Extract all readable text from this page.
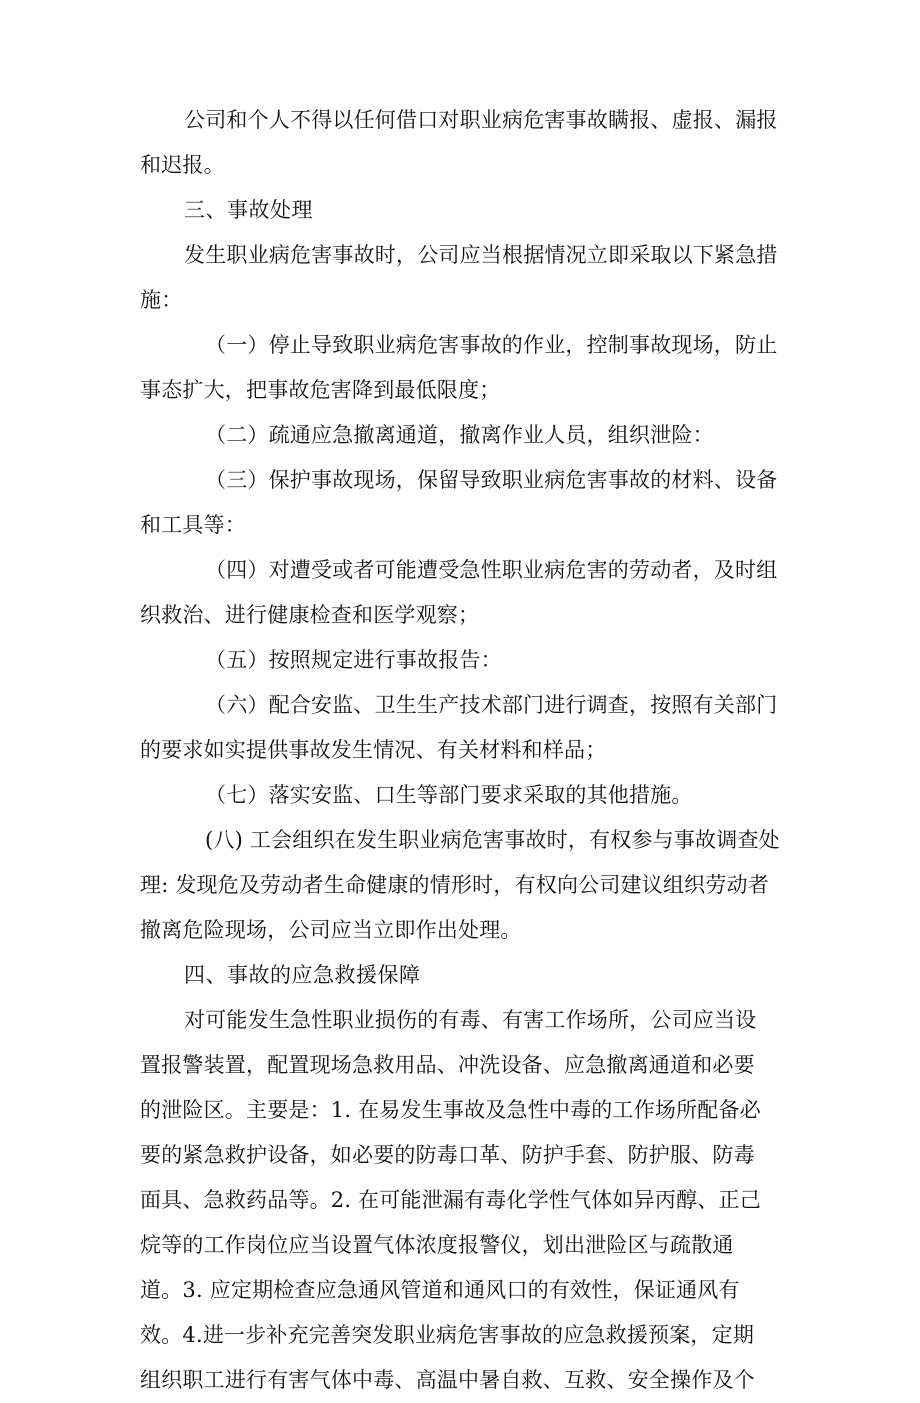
公司和个人不得以任何借口对职业病危害事故瞒报、虚报、漏报
和迟报。
三、事故处理
发生职业病危害事故时，公司应当根据情况立即采取以下紧急措
施：
（一）停止导致职业病危害事故的作业，控制事故现场，防止
事态扩大，把事故危害降到最低限度；
（二）疏通应急撤离通道，撤离作业人员，组织泄险：
（三）保护事故现场，保留导致职业病危害事故的材料、设备
和工具等：
（四）对遭受或者可能遭受急性职业病危害的劳动者，及时组
织救治、进行健康检查和医学观察；
（五）按照规定进行事故报告：
（六）配合安监、卫生生产技术部门进行调查，按照有关部门
的要求如实提供事故发生情况、有关材料和样品；
（七）落实安监、口生等部门要求采取的其他措施。
(八) 工会组织在发生职业病危害事故时，有权参与事故调查处
理: 发现危及劳动者生命健康的情形时，有权向公司建议组织劳动者
撤离危险现场，公司应当立即作出处理。
四、事故的应急救援保障
对可能发生急性职业损伤的有毒、有害工作场所，公司应当设
置报警装置，配置现场急救用品、冲洗设备、应急撤离通道和必要
的泄险区。主要是：1. 在易发生事故及急性中毒的工作场所配备必
要的紧急救护设备，如必要的防毒口革、防护手套、防护服、防毒
面具、急救药品等。2. 在可能泄漏有毒化学性气体如异丙醇、正己
烷等的工作岗位应当设置气体浓度报警仪，划出泄险区与疏散通
道。3. 应定期检查应急通风管道和通风口的有效性，保证通风有
效。4.进一步补充完善突发职业病危害事故的应急救援预案，定期
组织职工进行有害气体中毒、高温中暑自救、互救、安全操作及个
